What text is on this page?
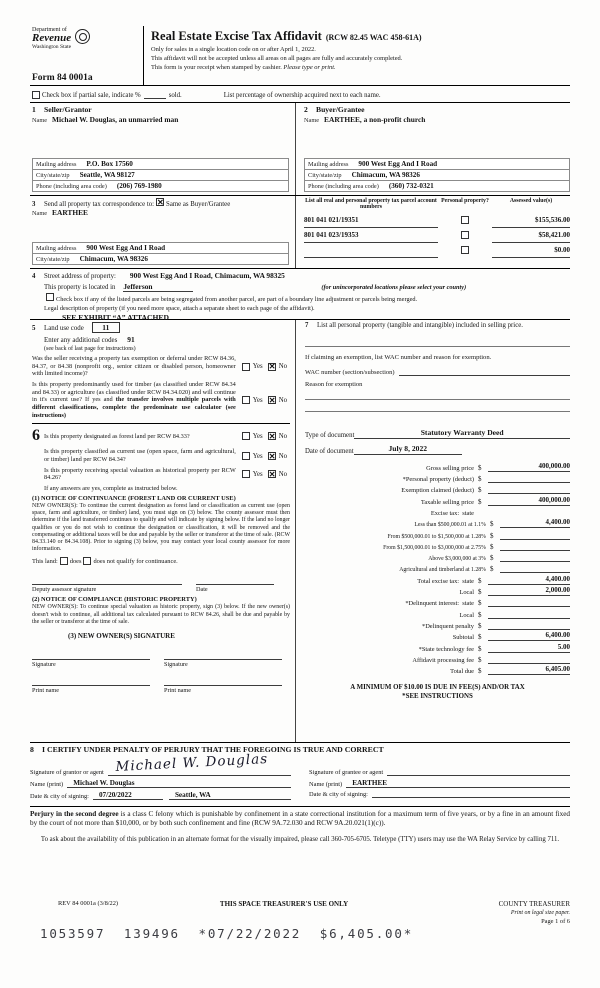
Department of
Revenue
Washington State
Form 84 0001a
Real Estate Excise Tax Affidavit (RCW 82.45 WAC 458-61A)
Only for sales in a single location code on or after April 1, 2022.
This affidavit will not be accepted unless all areas on all pages are fully and accurately completed.
This form is your receipt when stamped by cashier. Please type or print.
Check box if partial sale, indicate %	sold.	List percentage of ownership acquired next to each name.
1 Seller/Grantor
Name Michael W. Douglas, an unmarried man
Mailing address P.O. Box 17560
City/state/zip Seattle, WA 98127
Phone (including area code) (206) 769-1980
2 Buyer/Grantee
Name EARTHEE, a non-profit church
Mailing address 900 West Egg And I Road
City/state/zip Chimacum, WA 98326
Phone (including area code) (360) 732-0321
3	Send all property tax correspondence to: ✕ Same as Buyer/Grantee
Name EARTHEE
Mailing address 900 West Egg And I Road
City/state/zip Chimacum, WA 98326
List all real and personal property tax parcel account numbers
Personal property?	Assessed value(s)
801 041 021/19351	$155,536.00
801 041 023/19353	$58,421.00
$0.00
4	Street address of property: 900 West Egg And I Road, Chimacum, WA 98325
This property is located in Jefferson	(for unincorporated locations please select your county)
Check box if any of the listed parcels are being segregated from another parcel, are part of a boundary line adjustment or parcels being merged.
Legal description of property (if you need more space, attach a separate sheet to each page of the affidavit).
SEE EXHIBIT “A” ATTACHED
5	Land use code	11
Enter any additional codes 91
(see back of last page for instructions)
Was the seller receiving a property tax exemption or deferral under RCW 84.36, 84.37, or 84.38 (nonprofit org., senior citizen or disabled person, homeowner with limited income)?
Yes ✕ No
Is this property predominantly used for timber (as classified under RCW 84.34 and 84.33) or agriculture (as classified under RCW 84.34.020) and will continue in it's current use? If yes and the transfer involves multiple parcels with different classifications, complete the predominate use calculator (see instructions)
Yes ✕ No
6 Is this property designated as forest land per RCW 84.33?	Yes ✕ No
Is this property classified as current use (open space, farm and agricultural, or timber) land per RCW 84.34?	Yes ✕ No
Is this property receiving special valuation as historical property per RCW 84.26?	Yes ✕ No
If any answers are yes, complete as instructed below.
(1) NOTICE OF CONTINUANCE (FOREST LAND OR CURRENT USE)
NEW OWNER(S): To continue the current designation as forest land or classification as current use (open space, farm and agriculture, or timber) land, you must sign on (3) below. The county assessor must then determine if the land transferred continues to qualify and will indicate by signing below. If the land no longer qualifies or you do not wish to continue the designation or classification, it will be removed and the compensating or additional taxes will be due and payable by the seller or transferor at the time of sale. (RCW 84.33.140 or 84.34.108). Prior to signing (3) below, you may contact your local county assessor for more information.
This land: does does not qualify for continuance.
Deputy assessor signature	Date
(2) NOTICE OF COMPLIANCE (HISTORIC PROPERTY)
NEW OWNER(S): To continue special valuation as historic property, sign (3) below. If the new owner(s) doesn't wish to continue, all additional tax calculated pursuant to RCW 84.26, shall be due and payable by the seller or transferor at the time of sale.
(3) NEW OWNER(S) SIGNATURE
Signature	Signature
Print name	Print name
7	List all personal property (tangible and intangible) included in selling price.
If claiming an exemption, list WAC number and reason for exemption.
WAC number (section/subsection)
Reason for exemption
Type of document	Statutory Warranty Deed
Date of document	July 8, 2022
Gross selling price $	400,000.00
*Personal property (deduct) $
Exemption claimed (deduct) $
Taxable selling price $	400,000.00
Excise tax:  state
Less than $500,000.01 at 1.1% $	4,400.00
From $500,000.01 to $1,500,000 at 1.28% $
From $1,500,000.01 to $3,000,000 at 2.75% $
Above $3,000,000 at 3% $
Agricultural and timberland at 1.28% $
Total excise tax:  state $	4,400.00
Local $	2,000.00
*Delinquent interest:  state $
Local $
*Delinquent penalty $
Subtotal $	6,400.00
*State technology fee $	5.00
Affidavit processing fee $
Total due $	6,405.00
A MINIMUM OF $10.00 IS DUE IN FEE(S) AND/OR TAX
*SEE INSTRUCTIONS
8 I CERTIFY UNDER PENALTY OF PERJURY THAT THE FOREGOING IS TRUE AND CORRECT
Signature of grantor or agent Michael W. Douglas
Name (print)	Michael W. Douglas
Date & city of signing:	07/20/2022	Seattle, WA
Signature of grantee or agent
Name (print)	EARTHEE
Date & city of signing:
Perjury in the second degree is a class C felony which is punishable by confinement in a state correctional institution for a maximum term of five years, or by a fine in an amount fixed by the court of not more than $10,000, or by both such confinement and fine (RCW 9A.72.030 and RCW 9A.20.021(1)(c)).
To ask about the availability of this publication in an alternate format for the visually impaired, please call 360-705-6705. Teletype (TTY) users may use the WA Relay Service by calling 711.
REV 84 0001a (3/8/22)	THIS SPACE TREASURER'S USE ONLY	COUNTY TREASURER
Print on legal size paper.
Page 1 of 6
1053597  139496  *07/22/2022  $6,405.00*
